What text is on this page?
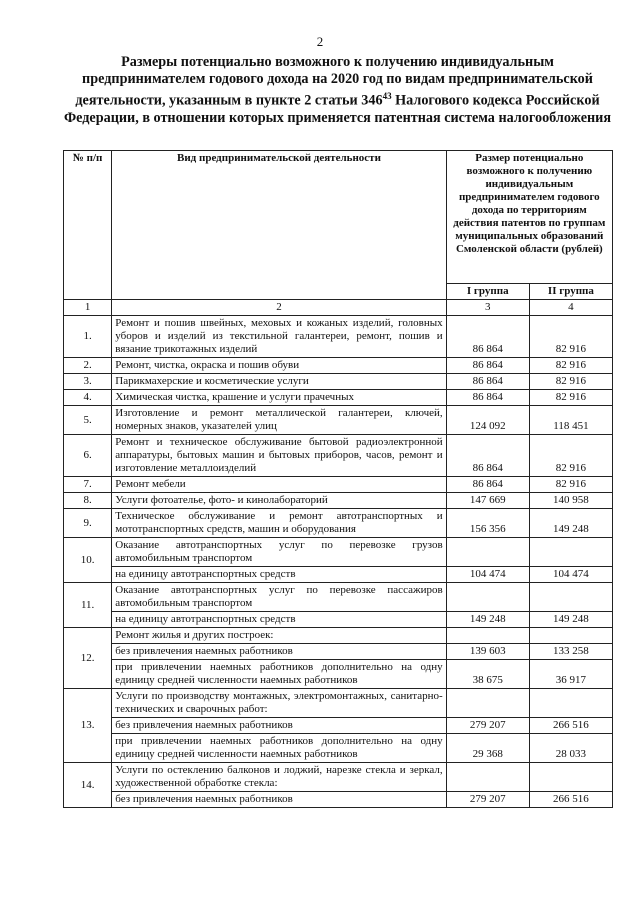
2
Размеры потенциально возможного к получению индивидуальным предпринимателем годового дохода на 2020 год по видам предпринимательской деятельности, указанным в пункте 2 статьи $346^{43}$ Налогового кодекса Российской Федерации, в отношении которых применяется патентная система налогообложения
№ п/п	Вид предпринимательской деятельности	Размер потенциально возможного к получению индивидуальным предпринимателем годового дохода по территориям действия патентов по группам муниципальных образований Смоленской области (рублей)	
		I группа	II группа
1	2	3	4
1.	Ремонт и пошив швейных, меховых и кожаных изделий, головных уборов и изделий из текстильной галантереи, ремонт, пошив и вязание трикотажных изделий	86 864	82 916
2.	Ремонт, чистка, окраска и пошив обуви	86 864	82 916
3.	Парикмахерские и косметические услуги	86 864	82 916
4.	Химическая чистка, крашение и услуги прачечных	86 864	82 916
5.	Изготовление и ремонт металлической галантереи, ключей, номерных знаков, указателей улиц	124 092	118 451
6.	Ремонт и техническое обслуживание бытовой радиоэлектронной аппаратуры, бытовых машин и бытовых приборов, часов, ремонт и изготовление металлоизделий	86 864	82 916
7.	Ремонт мебели	86 864	82 916
8.	Услуги фотоателье, фото- и кинолабораторий	147 669	140 958
9.	Техническое обслуживание и ремонт автотранспортных и мототранспортных средств, машин и оборудования	156 356	149 248
10.	Оказание автотранспортных услуг по перевозке грузов автомобильным транспортом		
	на единицу автотранспортных средств	104 474	104 474
11.	Оказание автотранспортных услуг по перевозке пассажиров автомобильным транспортом		
	на единицу автотранспортных средств	149 248	149 248
12.	Ремонт жилья и других построек:		
	без привлечения наемных работников	139 603	133 258
	при привлечении наемных работников дополнительно на одну единицу средней численности наемных работников	38 675	36 917
13.	Услуги по производству монтажных, электромонтажных, санитарно-технических и сварочных работ:		
	без привлечения наемных работников	279 207	266 516
	при привлечении наемных работников дополнительно на одну единицу средней численности наемных работников	29 368	28 033
14.	Услуги по остеклению балконов и лоджий, нарезке стекла и зеркал, художественной обработке стекла:		
	без привлечения наемных работников	279 207	266 516
